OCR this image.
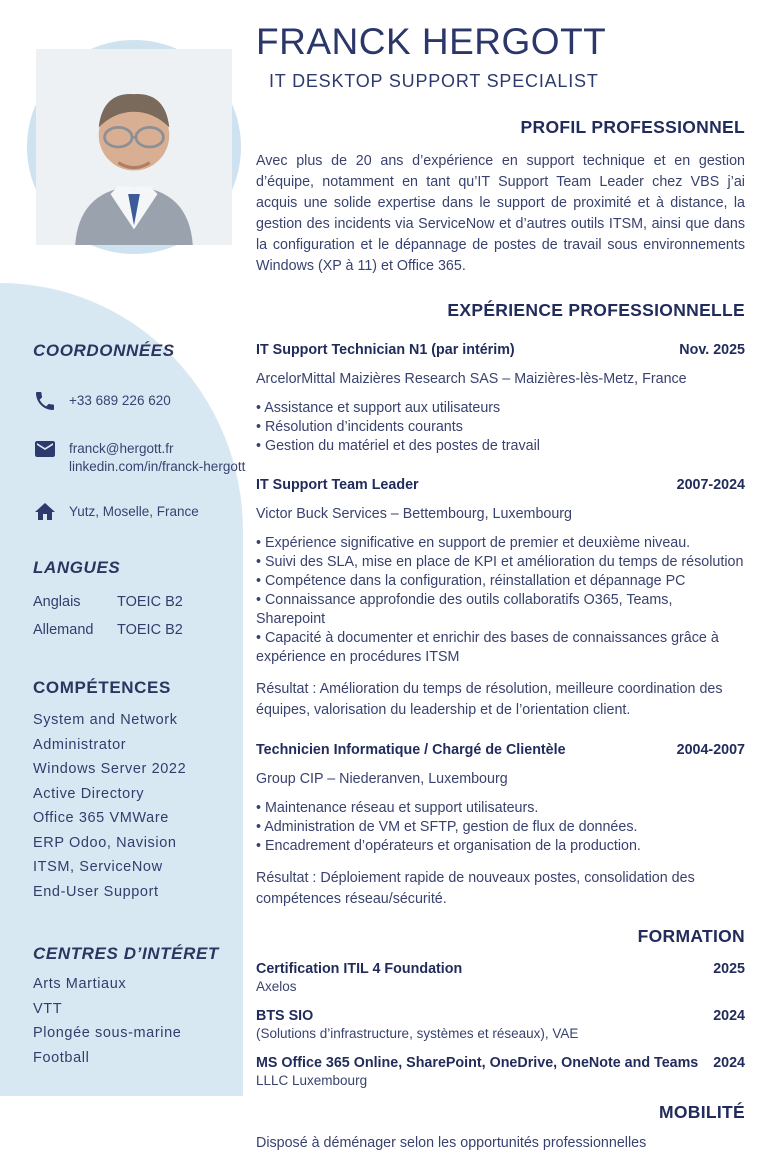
COORDONNÉES
+33 689 226 620
franck@hergott.fr
linkedin.com/in/franck-hergott
Yutz, Moselle, France
LANGUES
Anglais	TOEIC B2
Allemand	TOEIC B2
COMPÉTENCES
System and Network Administrator
Windows Server 2022
Active Directory
Office 365 VMWare
ERP Odoo, Navision
ITSM, ServiceNow
End-User Support
CENTRES D’INTÉRET
Arts Martiaux
VTT
Plongée sous-marine
Football
FRANCK HERGOTT
IT DESKTOP SUPPORT SPECIALIST
PROFIL PROFESSIONNEL
Avec plus de 20 ans d’expérience en support technique et en gestion d’équipe, notamment en tant qu’IT Support Team Leader chez VBS j’ai acquis une solide expertise dans le support de proximité et à distance, la gestion des incidents via ServiceNow et d’autres outils ITSM, ainsi que dans la configuration et le dépannage de postes de travail sous environnements Windows (XP à 11) et Office 365.
EXPÉRIENCE PROFESSIONNELLE
IT Support Technician N1 (par intérim)	Nov. 2025
ArcelorMittal Maizières Research SAS – Maizières-lès-Metz, France
• Assistance et support aux utilisateurs
• Résolution d’incidents courants
• Gestion du matériel et des postes de travail
IT Support Team Leader	2007-2024
Victor Buck Services – Bettembourg, Luxembourg
• Expérience significative en support de premier et deuxième niveau.
• Suivi des SLA, mise en place de KPI et amélioration du temps de résolution
• Compétence dans la configuration, réinstallation et dépannage PC
• Connaissance approfondie des outils collaboratifs O365, Teams, Sharepoint
• Capacité à documenter et enrichir des bases de connaissances grâce à expérience en procédures ITSM
Résultat : Amélioration du temps de résolution, meilleure coordination des équipes, valorisation du leadership et de l’orientation client.
Technicien Informatique / Chargé de Clientèle	2004-2007
Group CIP – Niederanven, Luxembourg
• Maintenance réseau et support utilisateurs.
• Administration de VM et SFTP, gestion de flux de données.
• Encadrement d’opérateurs et organisation de la production.
Résultat : Déploiement rapide de nouveaux postes, consolidation des compétences réseau/sécurité.
FORMATION
Certification ITIL 4 Foundation	2025
Axelos
BTS SIO	2024
(Solutions d’infrastructure, systèmes et réseaux), VAE
MS Office 365 Online, SharePoint, OneDrive, OneNote and Teams 2024
LLLC Luxembourg
MOBILITÉ
Disposé à déménager selon les opportunités professionnelles
